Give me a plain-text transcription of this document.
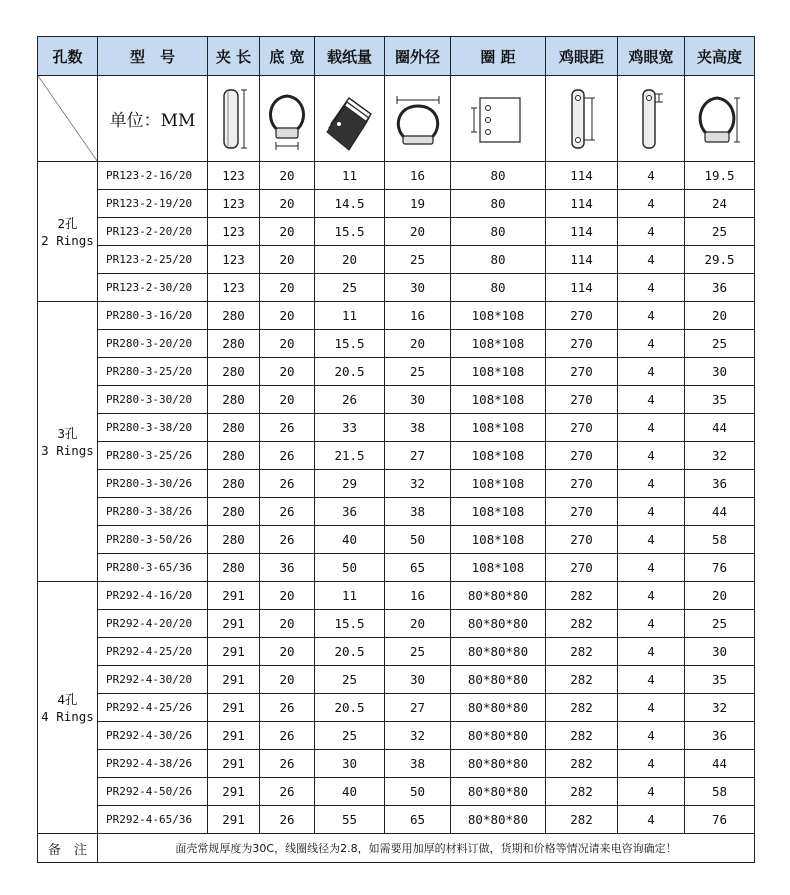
孔数	型　号	夹 长	底 宽	载纸量	圈外径	圈 距	鸡眼距	鸡眼宽	夹高度
	单位：MM	

2孔
2 Rings	PR123-2-16/20	123	20	11	16	80	114	4	19.5
	PR123-2-19/20	123	20	14.5	19	80	114	4	24
	PR123-2-20/20	123	20	15.5	20	80	114	4	25
	PR123-2-25/20	123	20	20	25	80	114	4	29.5
	PR123-2-30/20	123	20	25	30	80	114	4	36
3孔
3 Rings	PR280-3-16/20	280	20	11	16	108*108	270	4	20
	PR280-3-20/20	280	20	15.5	20	108*108	270	4	25
	PR280-3-25/20	280	20	20.5	25	108*108	270	4	30
	PR280-3-30/20	280	20	26	30	108*108	270	4	35
	PR280-3-38/20	280	26	33	38	108*108	270	4	44
	PR280-3-25/26	280	26	21.5	27	108*108	270	4	32
	PR280-3-30/26	280	26	29	32	108*108	270	4	36
	PR280-3-38/26	280	26	36	38	108*108	270	4	44
	PR280-3-50/26	280	26	40	50	108*108	270	4	58
	PR280-3-65/36	280	36	50	65	108*108	270	4	76
4孔
4 Rings	PR292-4-16/20	291	20	11	16	80*80*80	282	4	20
	PR292-4-20/20	291	20	15.5	20	80*80*80	282	4	25
	PR292-4-25/20	291	20	20.5	25	80*80*80	282	4	30
	PR292-4-30/20	291	20	25	30	80*80*80	282	4	35
	PR292-4-25/26	291	26	20.5	27	80*80*80	282	4	32
	PR292-4-30/26	291	26	25	32	80*80*80	282	4	36
	PR292-4-38/26	291	26	30	38	80*80*80	282	4	44
	PR292-4-50/26	291	26	40	50	80*80*80	282	4	58
	PR292-4-65/36	291	26	55	65	80*80*80	282	4	76
备　注	面壳常规厚度为30C，线圈线径为2.8，如需要用加厚的材料订做，货期和价格等情况请来电咨询确定！								
